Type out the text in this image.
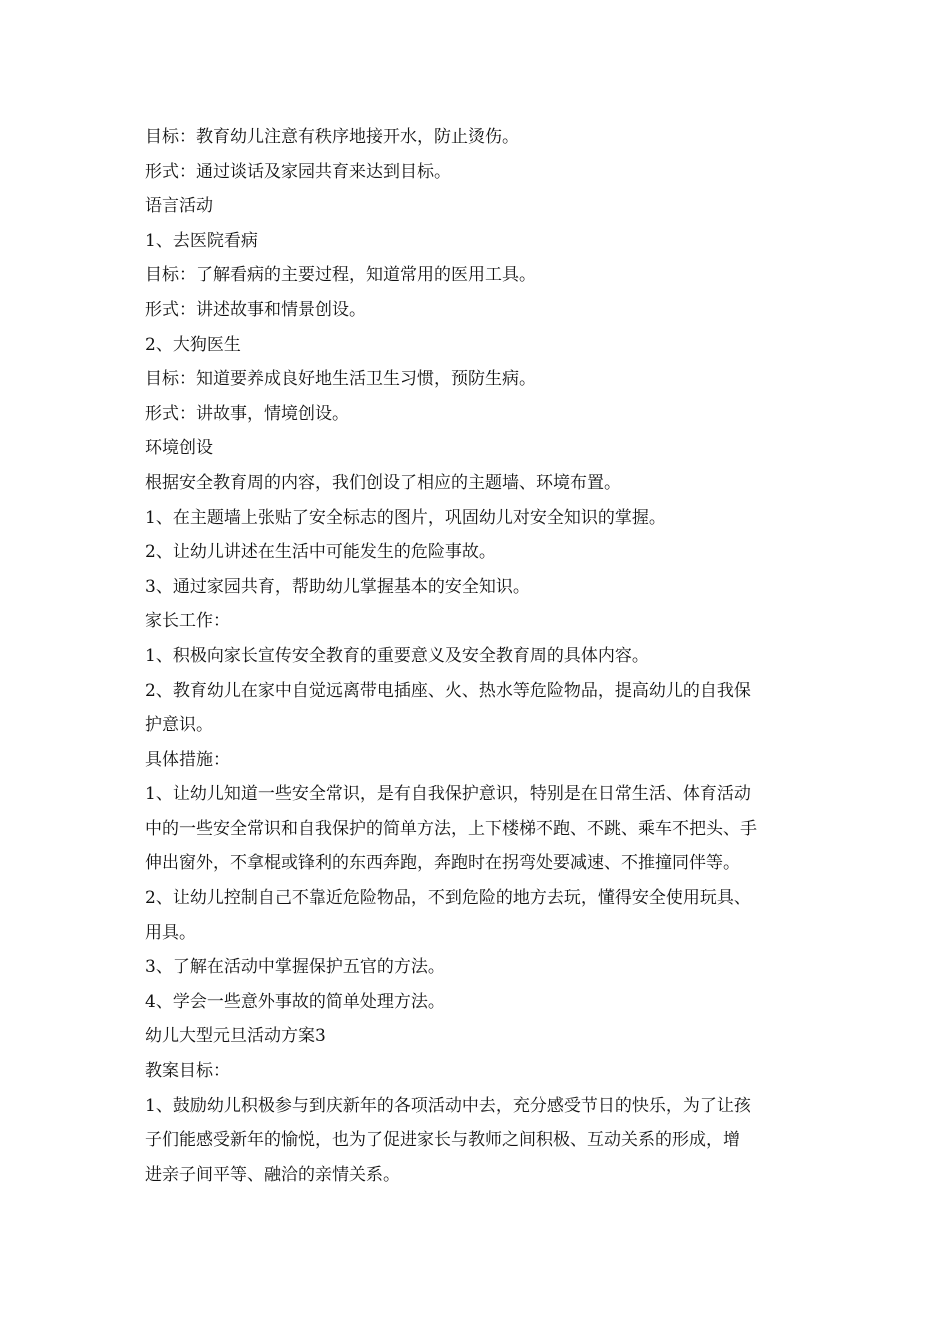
目标：教育幼儿注意有秩序地接开水，防止烫伤。

形式：通过谈话及家园共育来达到目标。

语言活动

1、去医院看病

目标：了解看病的主要过程，知道常用的医用工具。

形式：讲述故事和情景创设。

2、大狗医生

目标：知道要养成良好地生活卫生习惯，预防生病。

形式：讲故事，情境创设。

环境创设

根据安全教育周的内容，我们创设了相应的主题墙、环境布置。

1、在主题墙上张贴了安全标志的图片，巩固幼儿对安全知识的掌握。

2、让幼儿讲述在生活中可能发生的危险事故。

3、通过家园共育，帮助幼儿掌握基本的安全知识。

家长工作：

1、积极向家长宣传安全教育的重要意义及安全教育周的具体内容。

2、教育幼儿在家中自觉远离带电插座、火、热水等危险物品，提高幼儿的自我保

护意识。

具体措施：

1、让幼儿知道一些安全常识，是有自我保护意识，特别是在日常生活、体育活动

中的一些安全常识和自我保护的简单方法，上下楼梯不跑、不跳、乘车不把头、手

伸出窗外，不拿棍或锋利的东西奔跑，奔跑时在拐弯处要减速、不推撞同伴等。

2、让幼儿控制自己不靠近危险物品，不到危险的地方去玩，懂得安全使用玩具、

用具。

3、了解在活动中掌握保护五官的方法。

4、学会一些意外事故的简单处理方法。

幼儿大型元旦活动方案3

教案目标：

1、鼓励幼儿积极参与到庆新年的各项活动中去，充分感受节日的快乐，为了让孩

子们能感受新年的愉悦，也为了促进家长与教师之间积极、互动关系的形成，增

进亲子间平等、融洽的亲情关系。
